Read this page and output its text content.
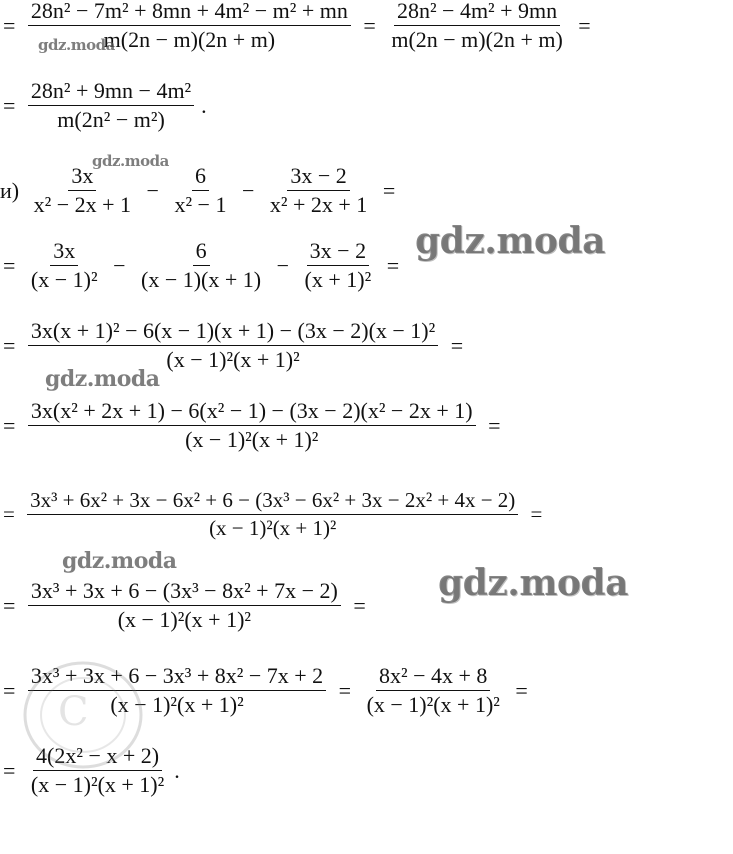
= $\frac{\text{28n² − 7m² + 8mn + 4m² − m² + mn}}{m(2n - m)(2n + m)} = \frac{\text{28n² − 4m² + 9mn}}{m(2n - m)(2n + m)}$ =
= $\frac{\text{28n² + 9mn − 4m²}}{\text{m(2n² − m²)}}$ .
$и) \frac{3x}{\text{x² − 2x + 1}} - \frac{6}{\text{x² − 1}} - \frac{3x - 2}{\text{x² + 2x + 1}}$ =
= $\frac{3x}{\text{(x − 1)²}} - \frac{6}{(x - 1)(x + 1)} - \frac{3x - 2}{\text{(x + 1)²}}$ =
= $\frac{\text{3x(x + 1)² − 6(x − 1)(x + 1) − (3x − 2)(x − 1)²}}{\text{(x − 1)²(x + 1)²}}$ =
= $\frac{\text{3x(x² + 2x + 1) − 6(x² − 1) − (3x − 2)(x² − 2x + 1)}}{\text{(x − 1)²(x + 1)²}}$ =
= $\frac{\text{3x³ + 6x² + 3x − 6x² + 6 − (3x³ − 6x² + 3x − 2x² + 4x − 2)}}{\text{(x − 1)²(x + 1)²}}$ =
= $\frac{\text{3x³ + 3x + 6 − (3x³ − 8x² + 7x − 2)}}{\text{(x − 1)²(x + 1)²}}$ =
= $\frac{\text{3x³ + 3x + 6 − 3x³ + 8x² − 7x + 2}}{\text{(x − 1)²(x + 1)²}} = \frac{\text{8x² − 4x + 8}}{\text{(x − 1)²(x + 1)²}}$ =
= $\frac{\text{4(2x² − x + 2)}}{\text{(x − 1)²(x + 1)²}}$ .
gdz.moda
gdz.moda
gdz.moda
gdz.moda
gdz.moda
gdz.moda
C
